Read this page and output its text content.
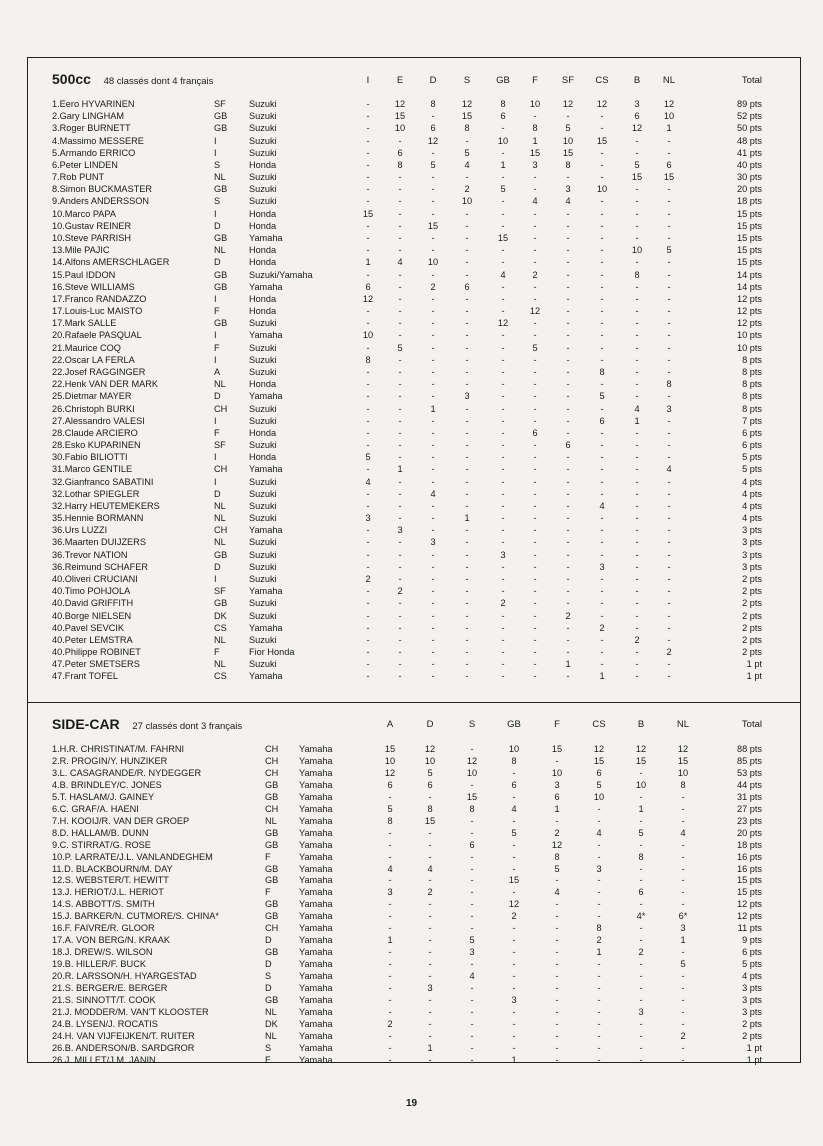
500cc 48 classés dont 4 français	I	E	D	S	GB	F	SF	CS	B	NL	Total
1.Eero HYVARINEN	SF	Suzuki	-	12	8	12	8	10	12	12	3	12	89 pts
2.Gary LINGHAM	GB Suzuki	-	15	-	15	6	-	-	-	6	10	52 pts
3.Roger BURNETT	GB Suzuki	-	10	6	8	-	8	5	-	12	1	50 pts
4.Massimo MESSERE	I	Suzuki	-	-	12	-	10	1	10	15	-	-	48 pts
5.Armando ERRICO	I	Suzuki	-	6	-	5	-	15	15	-	-	-	41 pts
6.Peter LINDEN	S	Honda	-	8	5	4	1	3	8	-	5	6	40 pts
7.Rob PUNT	NL	Suzuki	-	-	-	-	-	-	-	-	15	15	30 pts
8.Simon BUCKMASTER	GB Suzuki	-	-	-	2	5	-	3	10	-	-	20 pts
9.Anders ANDERSSON	S	Suzuki	-	-	-	10	-	4	4	-	-	-	18 pts
10.Marco PAPA	I	Honda	15	-	-	-	-	-	-	-	-	-	15 pts
10.Gustav REINER	D	Honda	-	-	15	-	-	-	-	-	-	-	15 pts
10.Steve PARRISH	GB Yamaha	-	-	-	-	15	-	-	-	-	-	15 pts
13.Mile PAJIC	NL	Honda	-	-	-	-	-	-	-	-	10	5	15 pts
14.Alfons AMERSCHLAGER	D	Honda	1	4	10	-	-	-	-	-	-	-	15 pts
15.Paul IDDON	GB Suzuki/Yamaha	-	-	-	-	4	2	-	-	8	-	14 pts
16.Steve WILLIAMS	GB Yamaha	6	-	2	6	-	-	-	-	-	-	14 pts
17.Franco RANDAZZO	I	Honda	12	-	-	-	-	-	-	-	-	-	12 pts
17.Louis-Luc MAISTO	F	Honda	-	-	-	-	-	12	-	-	-	-	12 pts
17.Mark SALLE	GB Suzuki	-	-	-	-	12	-	-	-	-	-	12 pts
20.Rafaele PASQUAL	I	Yamaha	10	-	-	-	-	-	-	-	-	-	10 pts
21.Maurice COQ	F	Suzuki	-	5	-	-	-	5	-	-	-	-	10 pts
22.Oscar LA FERLA	I	Suzuki	8	-	-	-	-	-	-	-	-	-	8 pts
22.Josef RAGGINGER	A	Suzuki	-	-	-	-	-	-	-	8	-	-	8 pts
22.Henk VAN DER MARK	NL	Honda	-	-	-	-	-	-	-	-	-	8	8 pts
25.Dietmar MAYER	D	Yamaha	-	-	-	3	-	-	-	5	-	-	8 pts
26.Christoph BURKI	CH Suzuki	-	-	1	-	-	-	-	-	4	3	8 pts
27.Alessandro VALESI	I	Suzuki	-	-	-	-	-	-	-	6	1	-	7 pts
28.Claude ARCIERO	F	Honda	-	-	-	-	-	6	-	-	-	-	6 pts
28.Esko KUPARINEN	SF	Suzuki	-	-	-	-	-	-	6	-	-	-	6 pts
30.Fabio BILIOTTI	I	Honda	5	-	-	-	-	-	-	-	-	-	5 pts
31.Marco GENTILE	CH Yamaha	-	1	-	-	-	-	-	-	-	4	5 pts
32.Gianfranco SABATINI	I	Suzuki	4	-	-	-	-	-	-	-	-	-	4 pts
32.Lothar SPIEGLER	D	Suzuki	-	-	4	-	-	-	-	-	-	-	4 pts
32.Harry HEUTEMEKERS	NL	Suzuki	-	-	-	-	-	-	-	4	-	-	4 pts
35.Hennie BORMANN	NL	Suzuki	3	-	-	1	-	-	-	-	-	-	4 pts
36.Urs LUZZI	CH Yamaha	-	3	-	-	-	-	-	-	-	-	3 pts
36.Maarten DUIJZERS	NL	Suzuki	-	-	3	-	-	-	-	-	-	-	3 pts
36.Trevor NATION	GB Suzuki	-	-	-	-	3	-	-	-	-	-	3 pts
36.Reimund SCHAFER	D	Suzuki	-	-	-	-	-	-	-	3	-	-	3 pts
40.Oliveri CRUCIANI	I	Suzuki	2	-	-	-	-	-	-	-	-	-	2 pts
40.Timo POHJOLA	SF	Yamaha	-	2	-	-	-	-	-	-	-	-	2 pts
40.David GRIFFITH	GB Suzuki	-	-	-	-	2	-	-	-	-	-	2 pts
40.Borge NIELSEN	DK Suzuki	-	-	-	-	-	-	2	-	-	-	2 pts
40.Pavel SEVCIK	CS Yamaha	-	-	-	-	-	-	-	2	-	-	2 pts
40.Peter LEMSTRA	NL	Suzuki	-	-	-	-	-	-	-	-	2	-	2 pts
40.Philippe ROBINET	F	Fior Honda	-	-	-	-	-	-	-	-	-	2	2 pts
47.Peter SMETSERS	NL	Suzuki	-	-	-	-	-	-	1	-	-	-	1 pt
47.Frant TOFEL	CS Yamaha	-	-	-	-	-	-	-	1	-	-	1 pt
SIDE-CAR 27 classés dont 3 français	A	D	S	GB	F	CS	B	NL	Total
1.H.R. CHRISTINAT/M. FAHRNI	CH Yamaha	15	12	-	10	15	12	12	12	88 pts
2.R. PROGIN/Y. HUNZIKER	CH Yamaha	10	10	12	8	-	15	15	15	85 pts
3.L. CASAGRANDE/R. NYDEGGER	CH Yamaha	12	5	10	-	10	6	-	10	53 pts
4.B. BRINDLEY/C. JONES	GB Yamaha	6	6	-	6	3	5	10	8	44 pts
5.T. HASLAM/J. GAINEY	GB Yamaha	-	-	15	-	6	10	-	-	31 pts
6.C. GRAF/A. HAENI	CH Yamaha	5	8	8	4	1	-	1	-	27 pts
7.H. KOOIJ/R. VAN DER GROEP	NL Yamaha	8	15	-	-	-	-	-	-	23 pts
8.D. HALLAM/B. DUNN	GB Yamaha	-	-	-	5	2	4	5	4	20 pts
9.C. STIRRAT/G. ROSE	GB Yamaha	-	-	6	-	12	-	-	-	18 pts
10.P. LARRATE/J.L. VANLANDEGHEM	F	Yamaha	-	-	-	-	8	-	8	-	16 pts
11.D. BLACKBOURN/M. DAY	GB Yamaha	4	4	-	-	5	3	-	-	16 pts
12.S. WEBSTER/T. HEWITT	GB Yamaha	-	-	-	15	-	-	-	-	15 pts
13.J. HERIOT/J.L. HERIOT	F	Yamaha	3	2	-	-	4	-	6	-	15 pts
14.S. ABBOTT/S. SMITH	GB Yamaha	-	-	-	12	-	-	-	-	12 pts
15.J. BARKER/N. CUTMORE/S. CHINA*	GB Yamaha	-	-	-	2	-	-	4*	6*	12 pts
16.F. FAIVRE/R. GLOOR	CH Yamaha	-	-	-	-	-	8	-	3	11 pts
17.A. VON BERG/N. KRAAK	D	Yamaha	1	-	5	-	-	2	-	1	9 pts
18.J. DREW/S. WILSON	GB Yamaha	-	-	3	-	-	1	2	-	6 pts
19.B. HILLER/F. BUCK	D	Yamaha	-	-	-	-	-	-	-	5	5 pts
20.R. LARSSON/H. HYARGESTAD	S	Yamaha	-	-	4	-	-	-	-	-	4 pts
21.S. BERGER/E. BERGER	D	Yamaha	-	3	-	-	-	-	-	-	3 pts
21.S. SINNOTT/T. COOK	GB Yamaha	-	-	-	3	-	-	-	-	3 pts
21.J. MODDER/M. VAN'T KLOOSTER	NL Yamaha	-	-	-	-	-	-	3	-	3 pts
24.B. LYSEN/J. ROCATIS	DK Yamaha	2	-	-	-	-	-	-	-	2 pts
24.H. VAN VIJFEIJKEN/T. RUITER	NL Yamaha	-	-	-	-	-	-	-	2	2 pts
26.B. ANDERSON/B. SARDGROR	S	Yamaha	-	1	-	-	-	-	-	-	1 pt
26.J. MILLET/J.M. JANIN	F	Yamaha	-	-	-	1	-	-	-	-	1 pt
19
